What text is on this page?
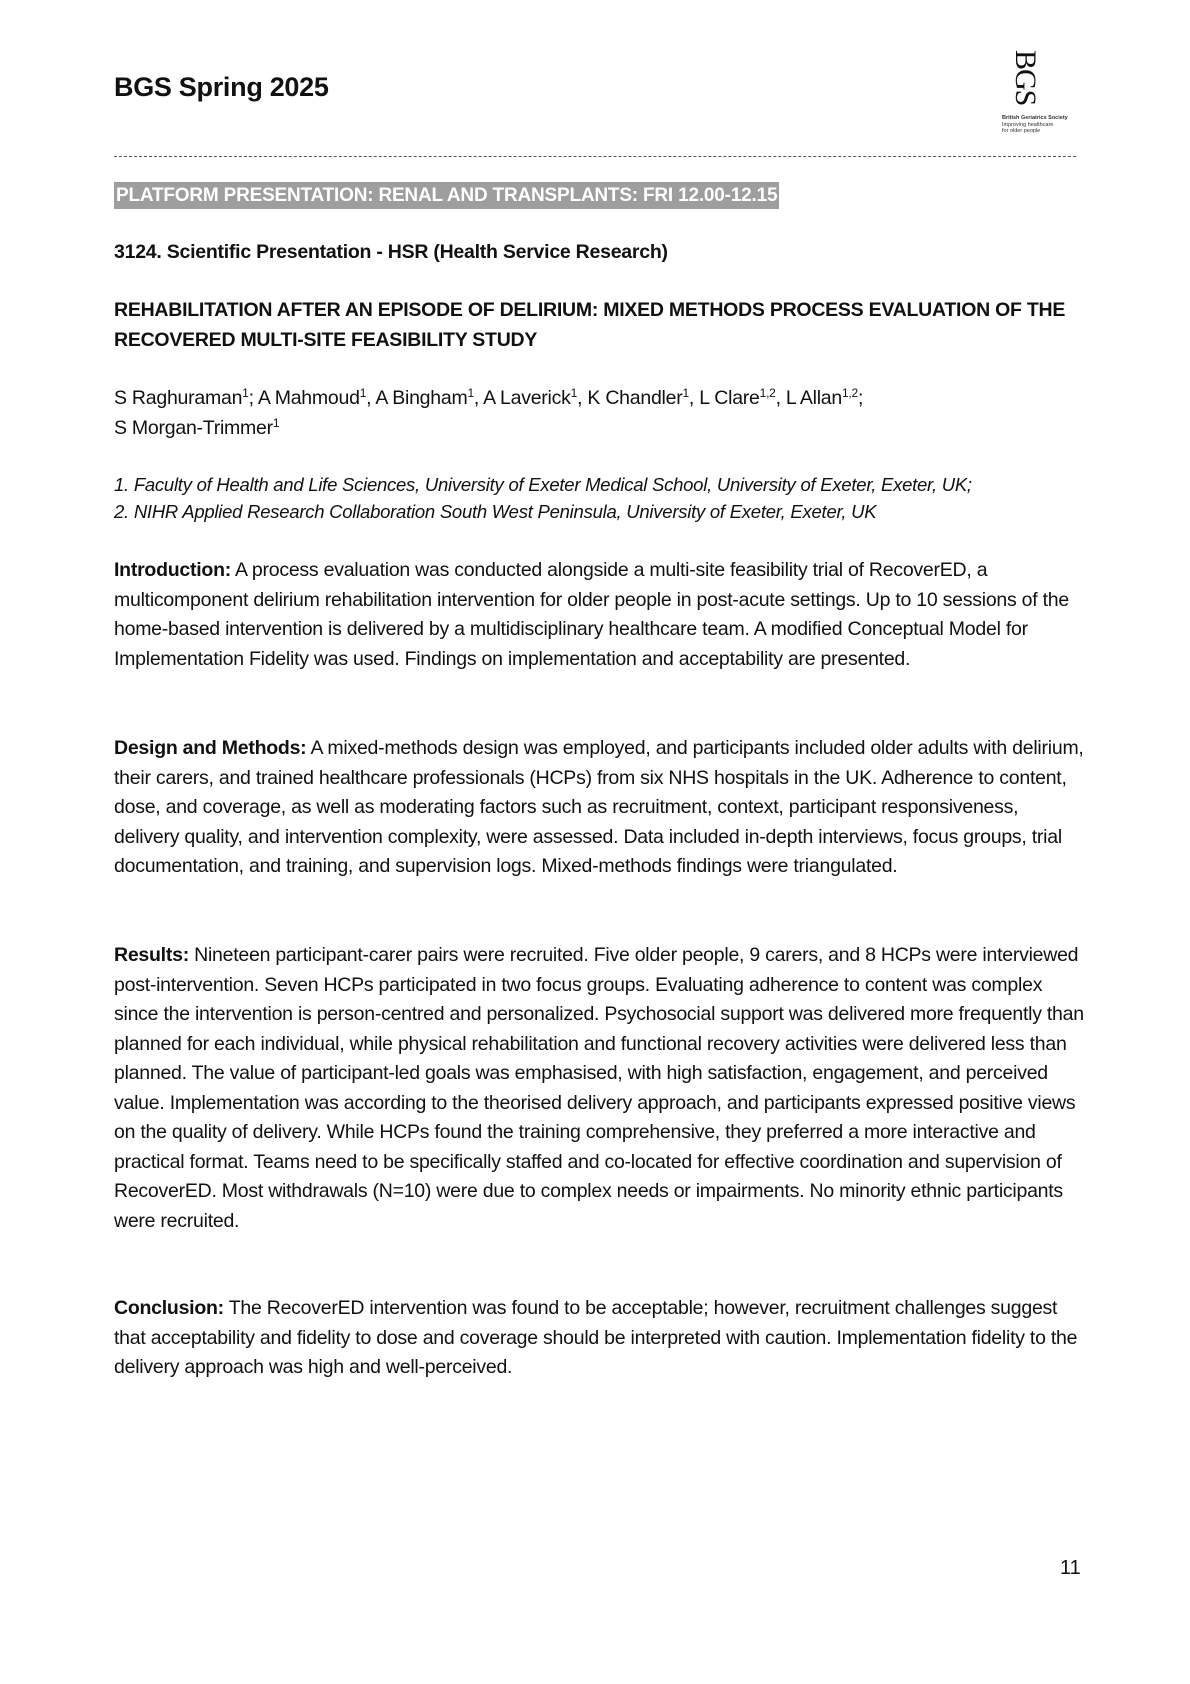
BGS Spring 2025	BGS
British Geriatrics Society
Improving healthcare
for older people
PLATFORM PRESENTATION: RENAL AND TRANSPLANTS: FRI 12.00-12.15
3124. Scientific Presentation - HSR (Health Service Research)
REHABILITATION AFTER AN EPISODE OF DELIRIUM: MIXED METHODS PROCESS EVALUATION OF THE RECOVERED MULTI-SITE FEASIBILITY STUDY
S Raghuraman$^1$; A Mahmoud$^1$, A Bingham$^1$, A Laverick$^1$, K Chandler$^1$, L Clare$^{1,2}$, L Allan$^{1,2}$;
S Morgan-Trimmer$^1$
1. Faculty of Health and Life Sciences, University of Exeter Medical School, University of Exeter, Exeter, UK;
2. NIHR Applied Research Collaboration South West Peninsula, University of Exeter, Exeter, UK
Introduction: A process evaluation was conducted alongside a multi-site feasibility trial of RecoverED, a multicomponent delirium rehabilitation intervention for older people in post-acute settings. Up to 10 sessions of the home-based intervention is delivered by a multidisciplinary healthcare team. A modified Conceptual Model for Implementation Fidelity was used. Findings on implementation and acceptability are presented.
Design and Methods: A mixed-methods design was employed, and participants included older adults with delirium, their carers, and trained healthcare professionals (HCPs) from six NHS hospitals in the UK. Adherence to content, dose, and coverage, as well as moderating factors such as recruitment, context, participant responsiveness, delivery quality, and intervention complexity, were assessed. Data included in-depth interviews, focus groups, trial documentation, and training, and supervision logs. Mixed-methods findings were triangulated.
Results: Nineteen participant-carer pairs were recruited. Five older people, 9 carers, and 8 HCPs were interviewed post-intervention. Seven HCPs participated in two focus groups. Evaluating adherence to content was complex since the intervention is person-centred and personalized. Psychosocial support was delivered more frequently than planned for each individual, while physical rehabilitation and functional recovery activities were delivered less than planned. The value of participant-led goals was emphasised, with high satisfaction, engagement, and perceived value. Implementation was according to the theorised delivery approach, and participants expressed positive views on the quality of delivery. While HCPs found the training comprehensive, they preferred a more interactive and practical format. Teams need to be specifically staffed and co-located for effective coordination and supervision of RecoverED. Most withdrawals (N=10) were due to complex needs or impairments. No minority ethnic participants were recruited.
Conclusion: The RecoverED intervention was found to be acceptable; however, recruitment challenges suggest that acceptability and fidelity to dose and coverage should be interpreted with caution. Implementation fidelity to the delivery approach was high and well-perceived.
11
